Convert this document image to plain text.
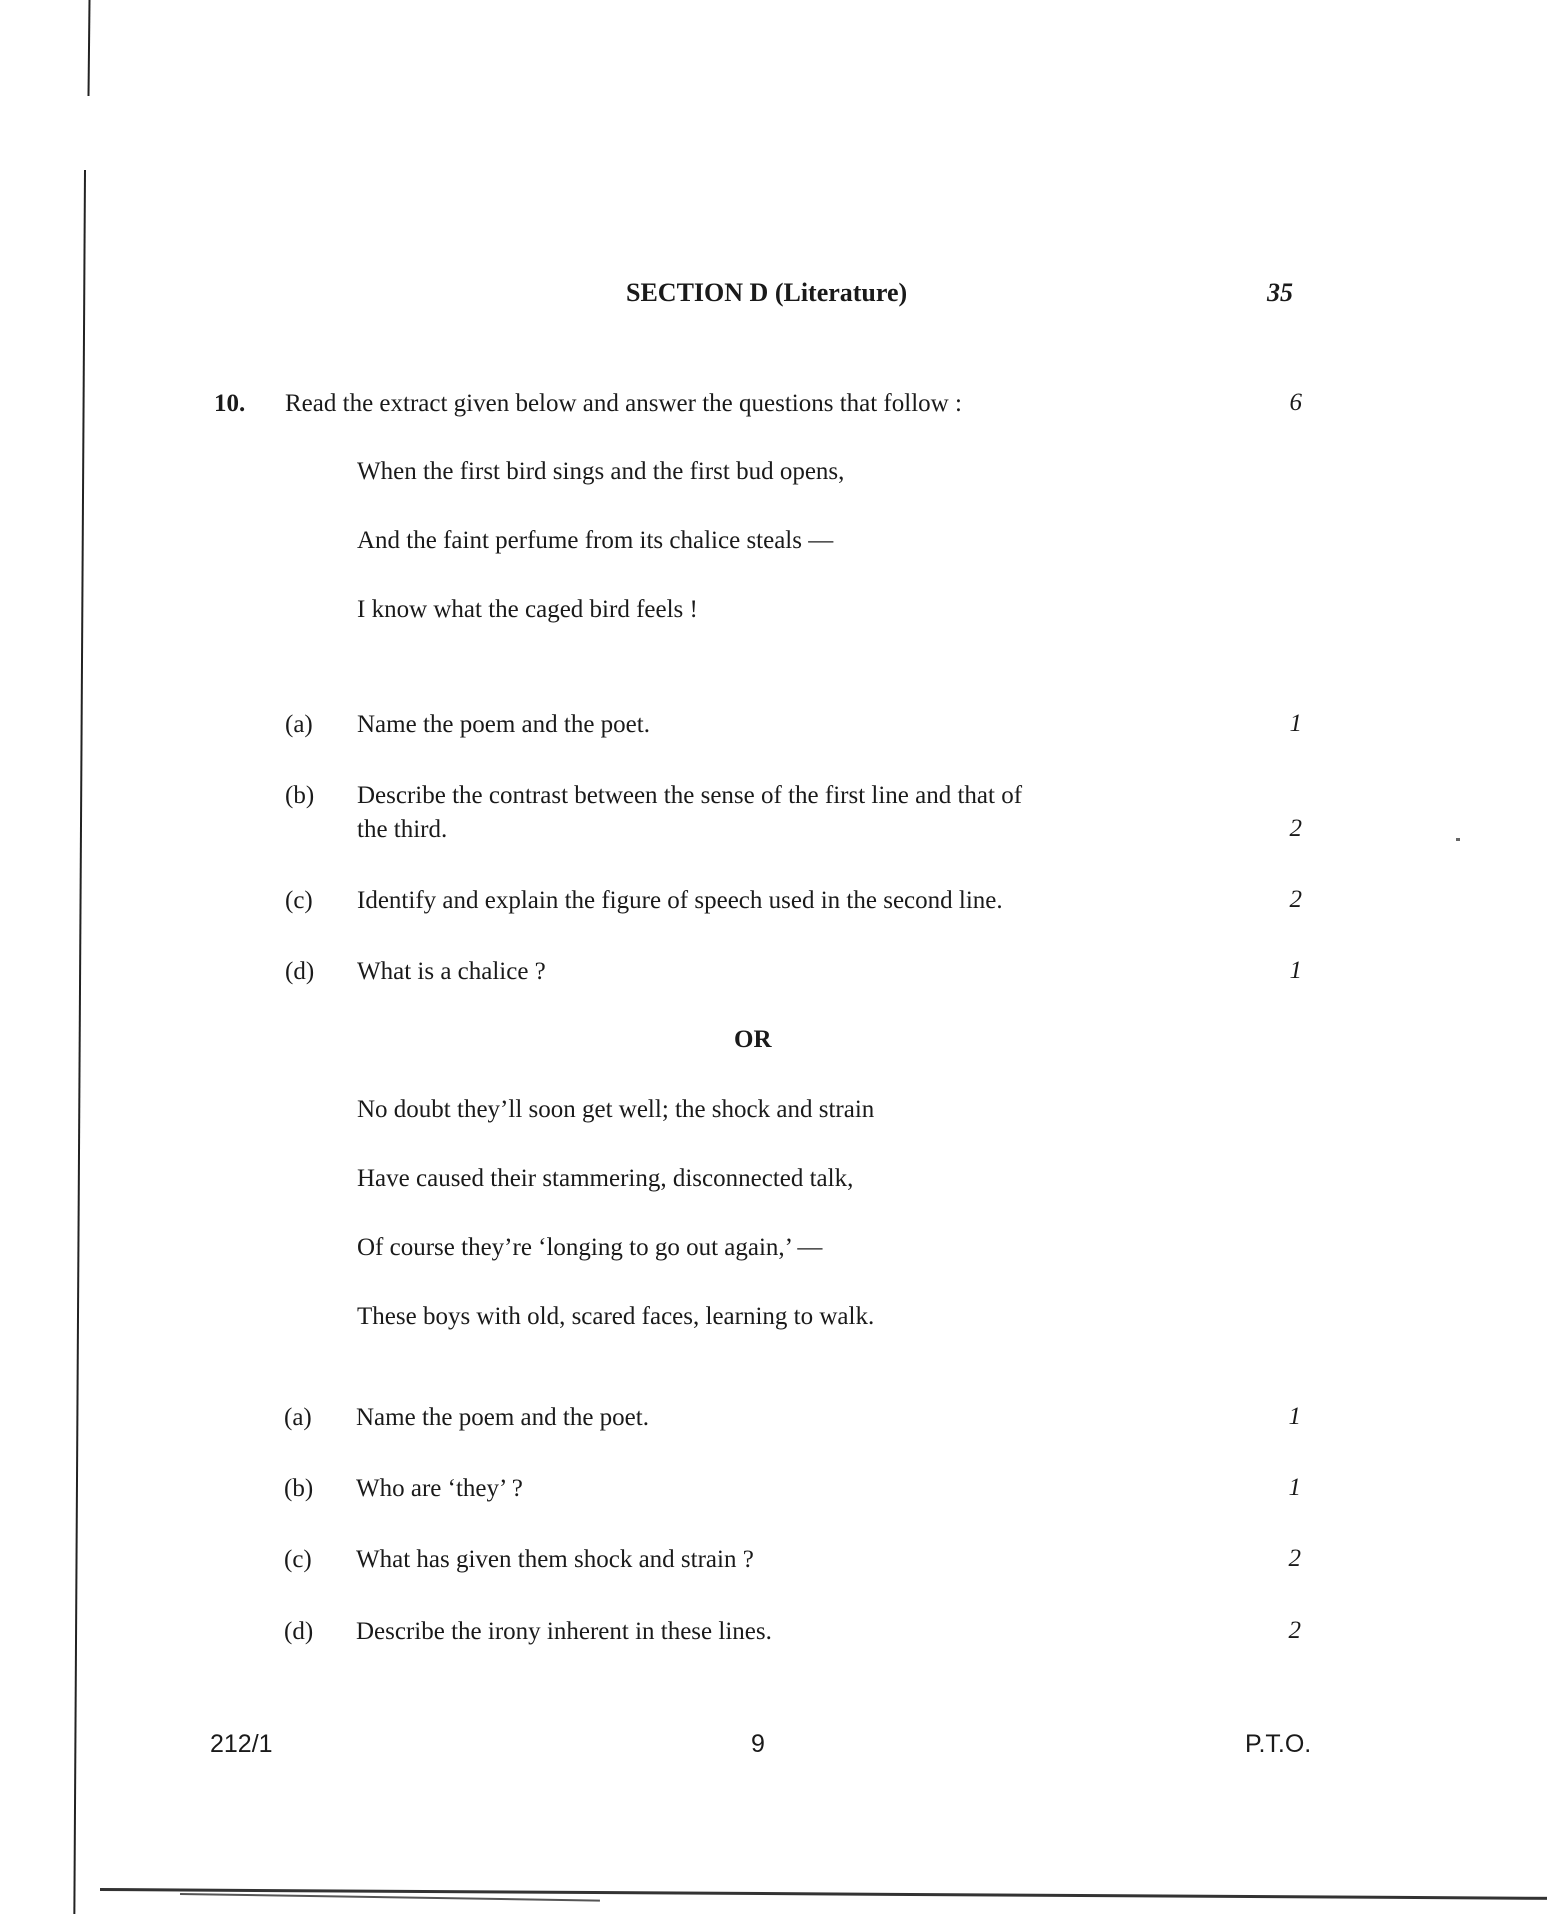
SECTION D (Literature)	35
10. Read the extract given below and answer the questions that follow :	6
When the first bird sings and the first bud opens,
And the faint perfume from its chalice steals —
I know what the caged bird feels !
(a) Name the poem and the poet.	1
(b) Describe the contrast between the sense of the first line and that of
the third.	2
(c) Identify and explain the figure of speech used in the second line.	2
(d) What is a chalice ?	1
OR
No doubt they’ll soon get well; the shock and strain
Have caused their stammering, disconnected talk,
Of course they’re ‘longing to go out again,’ —
These boys with old, scared faces, learning to walk.
(a) Name the poem and the poet.	1
(b) Who are ‘they’ ?	1
(c) What has given them shock and strain ?	2
(d) Describe the irony inherent in these lines.	2
212/1	9	P.T.O.
